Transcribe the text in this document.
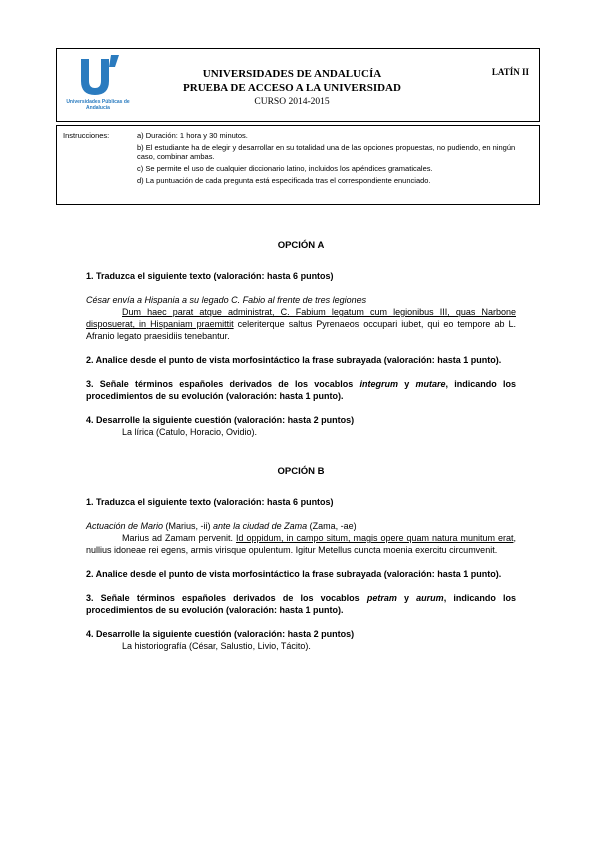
Universidades Públicas de Andalucía
UNIVERSIDADES DE ANDALUCÍA
PRUEBA DE ACCESO A LA UNIVERSIDAD
CURSO 2014-2015
LATÍN II
Instrucciones:	a) Duración: 1 hora y 30 minutos.
b) El estudiante ha de elegir y desarrollar en su totalidad una de las opciones propuestas, no pudiendo, en ningún caso, combinar ambas.
c) Se permite el uso de cualquier diccionario latino, incluidos los apéndices gramaticales.
d) La puntuación de cada pregunta está especificada tras el correspondiente enunciado.
OPCIÓN A
1. Traduzca el siguiente texto (valoración: hasta 6 puntos)

César envía a Hispania a su legado C. Fabio al frente de tres legiones

Dum haec parat atque administrat, C. Fabium legatum cum legionibus III, quas Narbone disposuerat, in Hispaniam praemittit celeriterque saltus Pyrenaeos occupari iubet, qui eo tempore ab L. Afranio legato praesidiis tenebantur.

2. Analice desde el punto de vista morfosintáctico la frase subrayada (valoración: hasta 1 punto).
3. Señale términos españoles derivados de los vocablos integrum y mutare, indicando los procedimientos de su evolución (valoración: hasta 1 punto).
4. Desarrolle la siguiente cuestión (valoración: hasta 2 puntos)
La lírica (Catulo, Horacio, Ovidio).
OPCIÓN B
1. Traduzca el siguiente texto (valoración: hasta 6 puntos)

Actuación de Mario (Marius, -ii) ante la ciudad de Zama (Zama, -ae)

Marius ad Zamam pervenit. Id oppidum, in campo situm, magis opere quam natura munitum erat, nullius idoneae rei egens, armis virisque opulentum. Igitur Metellus cuncta moenia exercitu circumvenit.

2. Analice desde el punto de vista morfosintáctico la frase subrayada (valoración: hasta 1 punto).
3. Señale términos españoles derivados de los vocablos petram y aurum, indicando los procedimientos de su evolución (valoración: hasta 1 punto).
4. Desarrolle la siguiente cuestión (valoración: hasta 2 puntos)
La historiografía (César, Salustio, Livio, Tácito).
